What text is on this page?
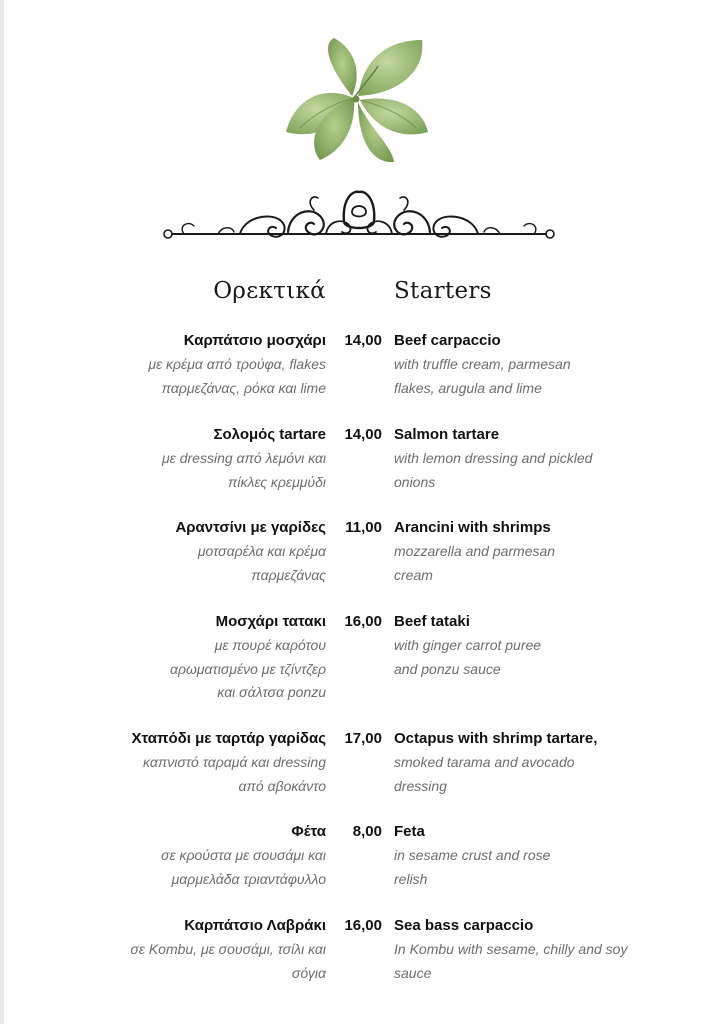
Ορεκτικά	Starters
Καρπάτσιο μοσχάρι
με κρέμα από τρούφα, flakes
παρμεζάνας, ρόκα και lime
14,00 Beef carpaccio
with truffle cream, parmesan
flakes, arugula and lime
Σολομός tartare
με dressing από λεμόνι και
πίκλες κρεμμύδι
14,00 Salmon tartare
with lemon dressing and pickled
onions
Αραντσίνι με γαρίδες
μοτσαρέλα και κρέμα
παρμεζάνας
11,00 Arancini with shrimps
mozzarella and parmesan
cream
Μοσχάρι τατακι
με πουρέ καρότου
αρωματισμένο με τζίντζερ
και σάλτσα ponzu
16,00 Beef tataki
with ginger carrot puree
and ponzu sauce
Χταπόδι με ταρτάρ γαρίδας
καπνιστό ταραμά και dressing
από αβοκάντο
17,00 Octapus with shrimp tartare,
smoked tarama and avocado
dressing
Φέτα
σε κρούστα με σουσάμι και
μαρμελάδα τριαντάφυλλο
8,00 Feta
in sesame crust and rose
relish
Καρπάτσιο Λαβράκι
σε Kombu, με σουσάμι, τσίλι και
σόγια
16,00 Sea bass carpaccio
In Kombu with sesame, chilly and soy
sauce
